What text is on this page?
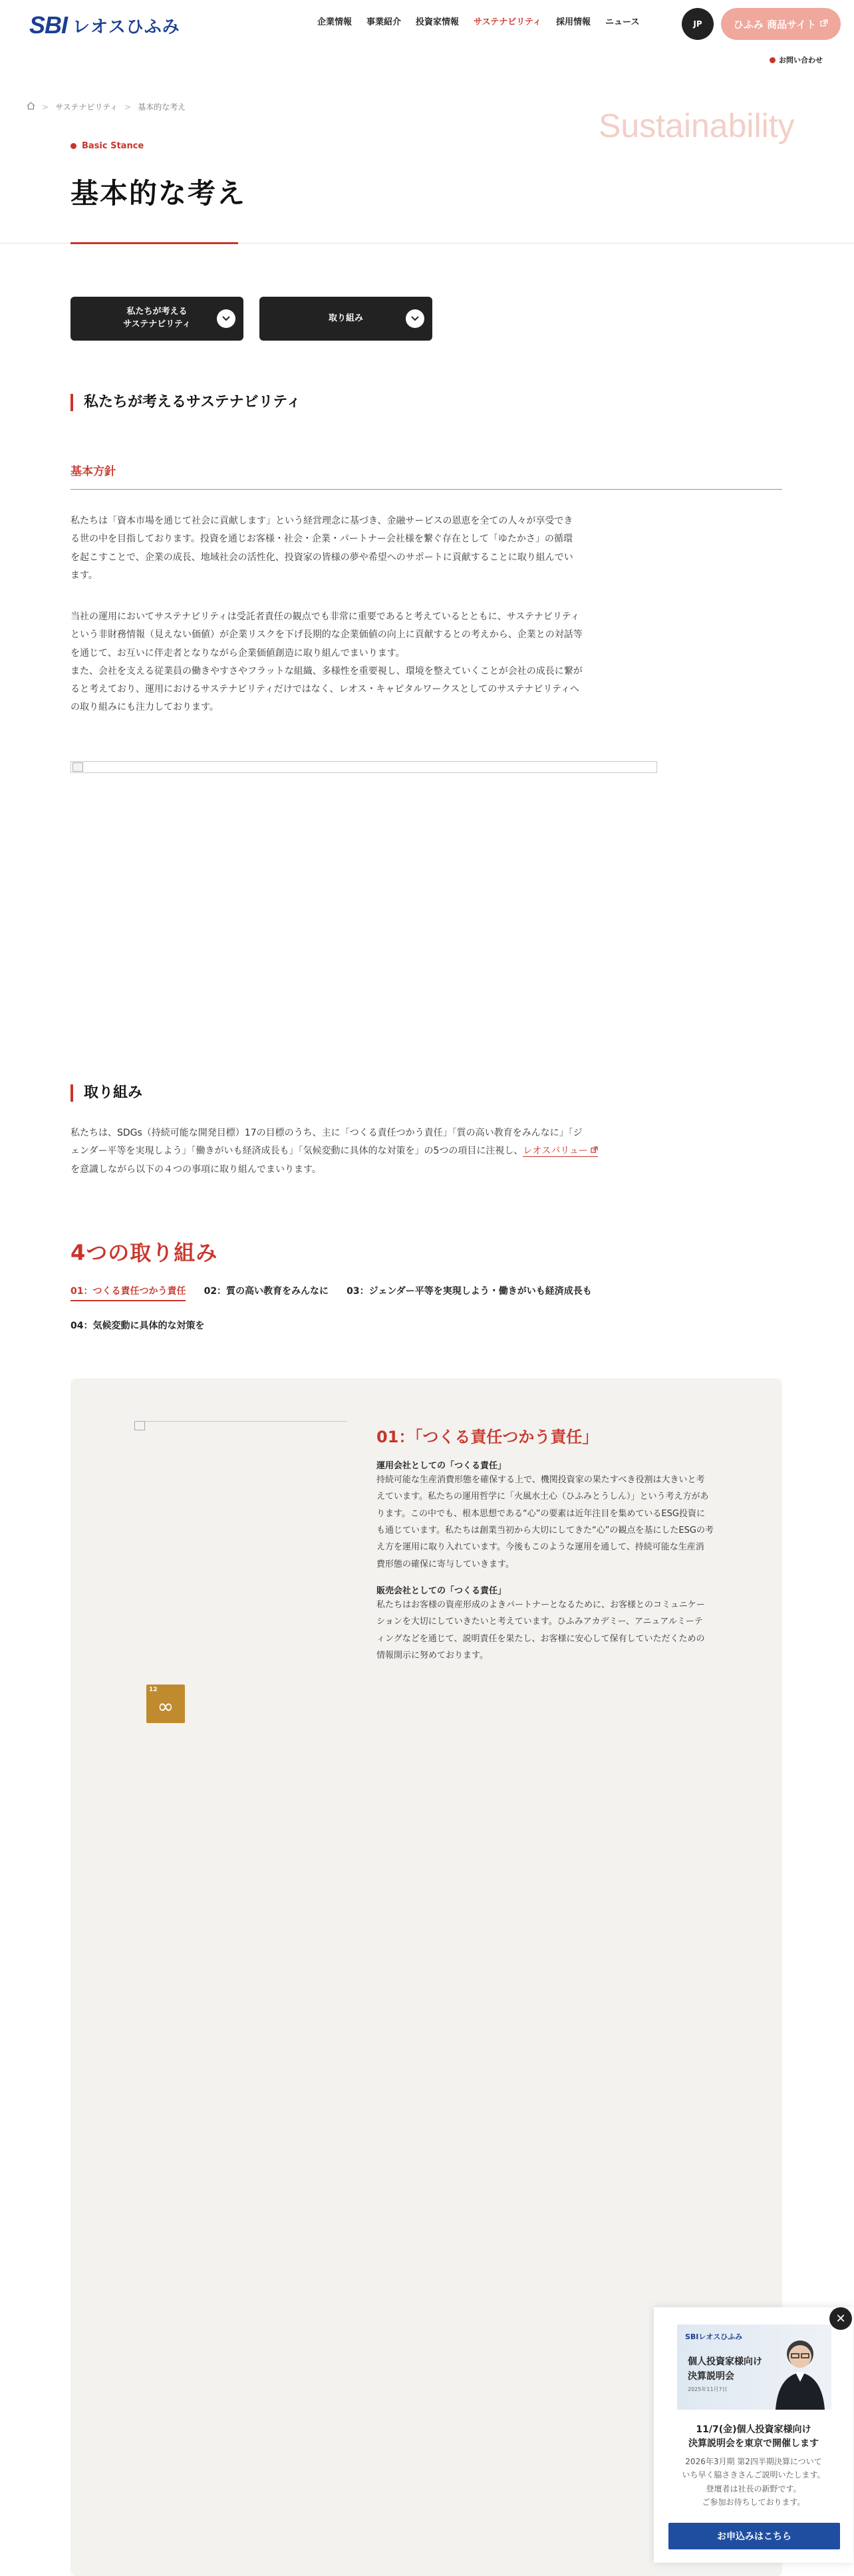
SBI レオスひふみ	企業情報	事業紹介	投資家情報	サステナビリティ	採用情報	ニュース	JP	ひふみ 商品サイト
お問い合わせ
> サステナビリティ > 基本的な考え	Sustainability
Basic Stance
基本的な考え
私たちが考える
サステナビリティ
取り組み
私たちが考えるサステナビリティ
基本方針
私たちは「資本市場を通じて社会に貢献します」という経営理念に基づき、金融サービスの恩恵を全ての人々が享受でき
る世の中を目指しております。投資を通じお客様・社会・企業・パートナー会社様を繋ぐ存在として「ゆたかさ」の循環
を起こすことで、企業の成長、地域社会の活性化、投資家の皆様の夢や希望へのサポートに貢献することに取り組んでい
ます。
当社の運用においてサステナビリティは受託者責任の観点でも非常に重要であると考えているとともに、サステナビリティ
という非財務情報（見えない価値）が企業リスクを下げ長期的な企業価値の向上に貢献するとの考えから、企業との対話等
を通じて、お互いに伴走者となりながら企業価値創造に取り組んでまいります。
また、会社を支える従業員の働きやすさやフラットな組織、多様性を重要視し、環境を整えていくことが会社の成長に繋が
ると考えており、運用におけるサステナビリティだけではなく、レオス・キャピタルワークスとしてのサステナビリティへ
の取り組みにも注力しております。
取り組み
私たちは、SDGs（持続可能な開発目標）17の目標のうち、主に「つくる責任つかう責任」「質の高い教育をみんなに」「ジ
ェンダー平等を実現しよう」「働きがいも経済成長も」「気候変動に具体的な対策を」の5つの項目に注視し、レオスバリュー
を意識しながら以下の４つの事項に取り組んでまいります。
4つの取り組み
01：つくる責任つかう責任 02：質の高い教育をみんなに 03：ジェンダー平等を実現しよう・働きがいも経済成長も
04：気候変動に具体的な対策を
01：「つくる責任つかう責任」
運用会社としての「つくる責任」
持続可能な生産消費形態を確保する上で、機関投資家の果たすべき役割は大きいと考
えています。私たちの運用哲学に「火風水土心（ひふみとうしん）」という考え方があ
ります。この中でも、根本思想である“心”の要素は近年注目を集めているESG投資に
も通じています。私たちは創業当初から大切にしてきた“心”の観点を基にしたESGの考
え方を運用に取り入れています。今後もこのような運用を通して、持続可能な生産消
費形態の確保に寄与していきます。
販売会社としての「つくる責任」
私たちはお客様の資産形成のよきパートナーとなるために、お客様とのコミュニケー
ションを大切にしていきたいと考えています。ひふみアカデミー、アニュアルミーテ
ィングなどを通じて、説明責任を果たし、お客様に安心して保有していただくための
情報開示に努めております。
12
∞
SBIレオスひふみ
個人投資家様向け
決算説明会
2025年11月7日
11/7(金)個人投資家様向け
決算説明会を東京で開催します
2026年3月期 第2四半期決算について
いち早く脇さきさんご説明いたします。
登壇者は社長の新野です。
ご参加お待ちしております。
お申込みはこちら
✕
